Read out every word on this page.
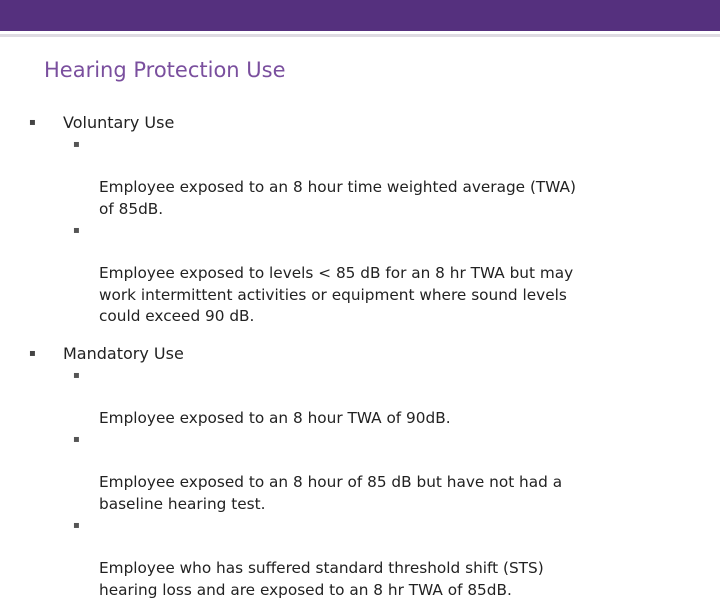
Hearing Protection Use
▪ Voluntary Use

▪

Employee exposed to an 8 hour time weighted average (TWA)
of 85dB.

▪

Employee exposed to levels < 85 dB for an 8 hr TWA but may
work intermittent activities or equipment where sound levels
could exceed 90 dB.

▪ Mandatory Use

▪

Employee exposed to an 8 hour TWA of 90dB.

▪

Employee exposed to an 8 hour of 85 dB but have not had a
baseline hearing test.

▪

Employee who has suffered standard threshold shift (STS)
hearing loss and are exposed to an 8 hr TWA of 85dB.
